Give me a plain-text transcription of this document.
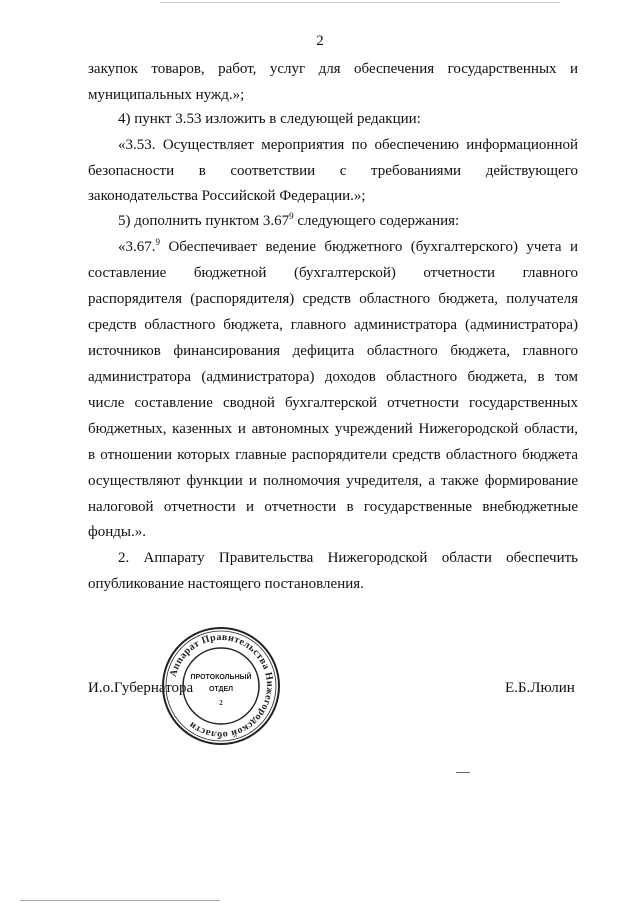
2
закупок товаров, работ, услуг для обеспечения государственных и
муниципальных нужд.»;
4) пункт 3.53 изложить в следующей редакции:
«3.53. Осуществляет мероприятия по обеспечению информационной
безопасности в соответствии с требованиями действующего
законодательства Российской Федерации.»;
5) дополнить пунктом 3.67$^9$ следующего содержания:
«3.67.$^9$ Обеспечивает ведение бюджетного (бухгалтерского) учета и
составление бюджетной (бухгалтерской) отчетности главного
распорядителя (распорядителя) средств областного бюджета, получателя
средств областного бюджета, главного администратора (администратора)
источников финансирования дефицита областного бюджета, главного
администратора (администратора) доходов областного бюджета, в том
числе составление сводной бухгалтерской отчетности государственных
бюджетных, казенных и автономных учреждений Нижегородской области,
в отношении которых главные распорядители средств областного бюджета
осуществляют функции и полномочия учредителя, а также формирование
налоговой отчетности и отчетности в государственные внебюджетные
фонды.».
2. Аппарату Правительства Нижегородской области обеспечить
опубликование настоящего постановления.
И.о.Губернатора	Е.Б.Люлин
Аппарат Правительства Нижегородской области
ПРОТОКОЛЬНЫЙ
ОТДЕЛ
2
